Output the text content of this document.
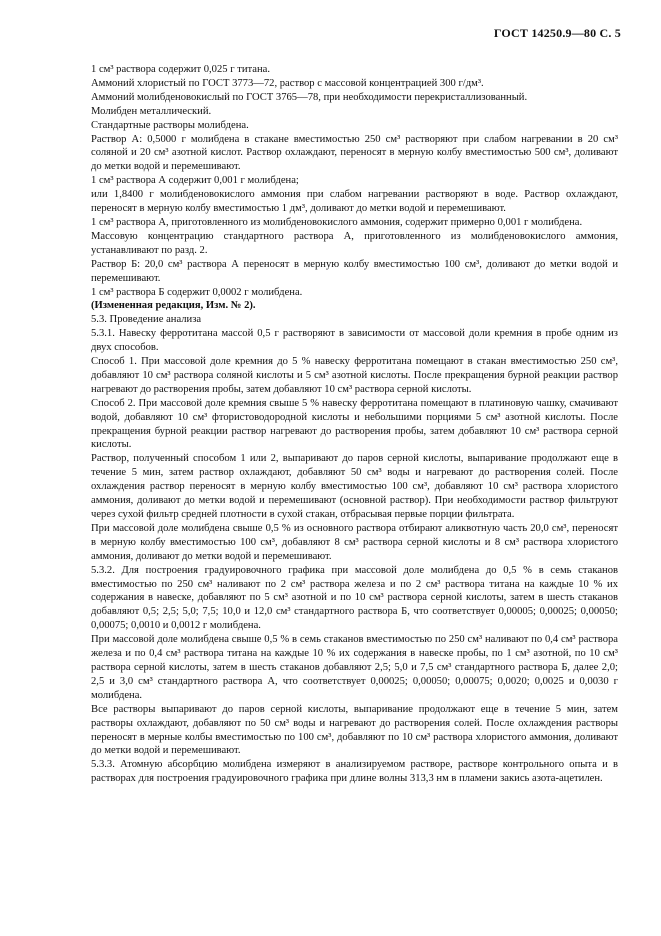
ГОСТ 14250.9—80 С. 5

1 см³ раствора содержит 0,025 г титана.

Аммоний хлористый по ГОСТ 3773—72, раствор с массовой концентрацией 300 г/дм³.

Аммоний молибденовокислый по ГОСТ 3765—78, при необходимости перекристаллизованный.

Молибден металлический.

Стандартные растворы молибдена.

Раствор А: 0,5000 г молибдена в стакане вместимостью 250 см³ растворяют при слабом нагревании в 20 см³ соляной и 20 см³ азотной кислот. Раствор охлаждают, переносят в мерную колбу вместимостью 500 см³, доливают до метки водой и перемешивают.

1 см³ раствора А содержит 0,001 г молибдена;

или 1,8400 г молибденовокислого аммония при слабом нагревании растворяют в воде. Раствор охлаждают, переносят в мерную колбу вместимостью 1 дм³, доливают до метки водой и перемешивают.

1 см³ раствора А, приготовленного из молибденовокислого аммония, содержит примерно 0,001 г молибдена.

Массовую концентрацию стандартного раствора А, приготовленного из молибденовокислого аммония, устанавливают по разд. 2.

Раствор Б: 20,0 см³ раствора А переносят в мерную колбу вместимостью 100 см³, доливают до метки водой и перемешивают.

1 см³ раствора Б содержит 0,0002 г молибдена.

(Измененная редакция, Изм. № 2).

5.3. Проведение анализа

5.3.1. Навеску ферротитана массой 0,5 г растворяют в зависимости от массовой доли кремния в пробе одним из двух способов.

Способ 1. При массовой доле кремния до 5 % навеску ферротитана помещают в стакан вместимостью 250 см³, добавляют 10 см³ раствора соляной кислоты и 5 см³ азотной кислоты. После прекращения бурной реакции раствор нагревают до растворения пробы, затем добавляют 10 см³ раствора серной кислоты.

Способ 2. При массовой доле кремния свыше 5 % навеску ферротитана помещают в платиновую чашку, смачивают водой, добавляют 10 см³ фтористоводородной кислоты и небольшими порциями 5 см³ азотной кислоты. После прекращения бурной реакции раствор нагревают до растворения пробы, затем добавляют 10 см³ раствора серной кислоты.

Раствор, полученный способом 1 или 2, выпаривают до паров серной кислоты, выпаривание продолжают еще в течение 5 мин, затем раствор охлаждают, добавляют 50 см³ воды и нагревают до растворения солей. После охлаждения раствор переносят в мерную колбу вместимостью 100 см³, добавляют 10 см³ раствора хлористого аммония, доливают до метки водой и перемешивают (основной раствор). При необходимости раствор фильтруют через сухой фильтр средней плотности в сухой стакан, отбрасывая первые порции фильтрата.

При массовой доле молибдена свыше 0,5 % из основного раствора отбирают аликвотную часть 20,0 см³, переносят в мерную колбу вместимостью 100 см³, добавляют 8 см³ раствора серной кислоты и 8 см³ раствора хлористого аммония, доливают до метки водой и перемешивают.

5.3.2. Для построения градуировочного графика при массовой доле молибдена до 0,5 % в семь стаканов вместимостью по 250 см³ наливают по 2 см³ раствора железа и по 2 см³ раствора титана на каждые 10 % их содержания в навеске, добавляют по 5 см³ азотной и по 10 см³ раствора серной кислоты, затем в шесть стаканов добавляют 0,5; 2,5; 5,0; 7,5; 10,0 и 12,0 см³ стандартного раствора Б, что соответствует 0,00005; 0,00025; 0,00050; 0,00075; 0,0010 и 0,0012 г молибдена.

При массовой доле молибдена свыше 0,5 % в семь стаканов вместимостью по 250 см³ наливают по 0,4 см³ раствора железа и по 0,4 см³ раствора титана на каждые 10 % их содержания в навеске пробы, по 1 см³ азотной, по 10 см³ раствора серной кислоты, затем в шесть стаканов добавляют 2,5; 5,0 и 7,5 см³ стандартного раствора Б, далее 2,0; 2,5 и 3,0 см³ стандартного раствора А, что соответствует 0,00025; 0,00050; 0,00075; 0,0020; 0,0025 и 0,0030 г молибдена.

Все растворы выпаривают до паров серной кислоты, выпаривание продолжают еще в течение 5 мин, затем растворы охлаждают, добавляют по 50 см³ воды и нагревают до растворения солей. После охлаждения растворы переносят в мерные колбы вместимостью по 100 см³, добавляют по 10 см³ раствора хлористого аммония, доливают до метки водой и перемешивают.

5.3.3. Атомную абсорбцию молибдена измеряют в анализируемом растворе, растворе контрольного опыта и в растворах для построения градуировочного графика при длине волны 313,3 нм в пламени закись азота-ацетилен.
